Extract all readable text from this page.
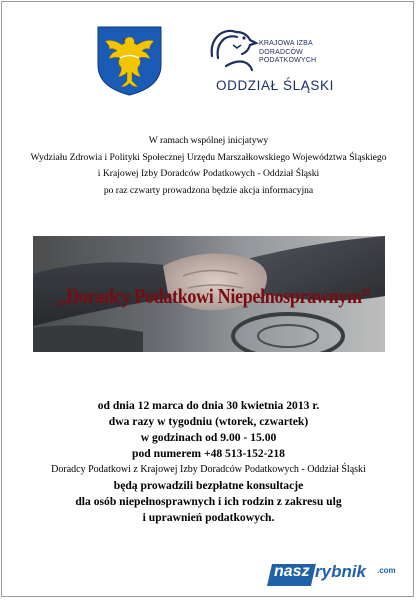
KRAJOWA IZBA
DORADCÓW
PODATKOWYCH
ODDZIAŁ ŚLĄSKI
W ramach wspólnej inicjatywy
Wydziału Zdrowia i Polityki Społecznej Urzędu Marszałkowskiego Województwa Śląskiego
i Krajowej Izby Doradców Podatkowych - Oddział Śląski
po raz czwarty prowadzona będzie akcja informacyjna
„Doradcy Podatkowi Niepełnosprawnym”
od dnia 12 marca do dnia 30 kwietnia 2013 r.
dwa razy w tygodniu (wtorek, czwartek)
w godzinach od 9.00 - 15.00
pod numerem +48 513-152-218
Doradcy Podatkowi z Krajowej Izby Doradców Podatkowych - Oddział Śląski
będą prowadzili bezpłatne konsultacje
dla osób niepełnosprawnych i ich rodzin z zakresu ulg
i uprawnień podatkowych.
nasz rybnik .com
